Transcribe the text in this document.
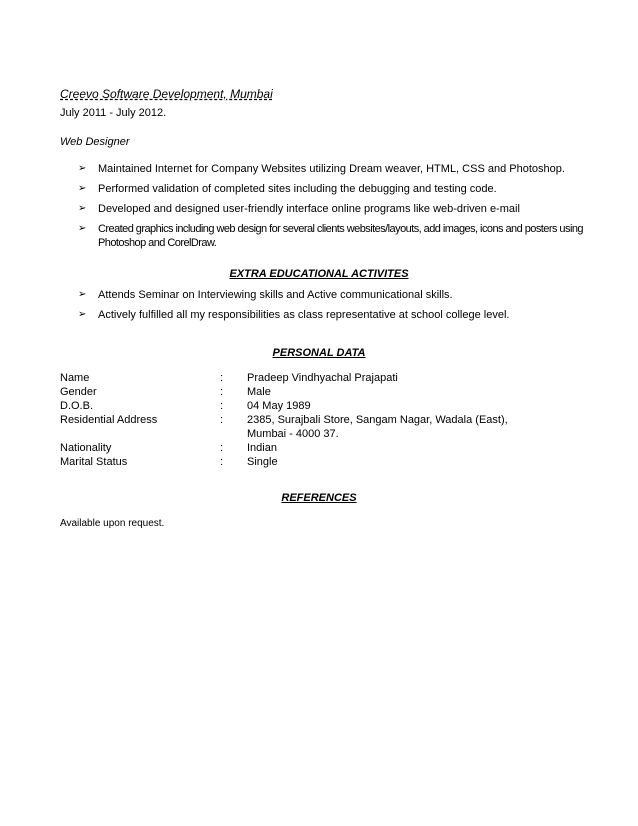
Creevo Software Development, Mumbai
July 2011 - July 2012.
Web Designer
➢ Maintained Internet for Company Websites utilizing Dream weaver, HTML, CSS and Photoshop.
➢ Performed validation of completed sites including the debugging and testing code.
➢ Developed and designed user-friendly interface online programs like web-driven e-mail
➢ Created graphics including web design for several clients websites/layouts, add images, icons and posters using Photoshop and CorelDraw.
EXTRA EDUCATIONAL ACTIVITES
➢ Attends Seminar on Interviewing skills and Active communicational skills.
➢ Actively fulfilled all my responsibilities as class representative at school college level.
PERSONAL DATA
Name	:	Pradeep Vindhyachal Prajapati
Gender	:	Male
D.O.B.	:	04 May 1989
Residential Address	:	2385, Surajbali Store, Sangam Nagar, Wadala (East),
Mumbai - 4000 37.

Nationality	:	Indian
Marital Status	:	Single
REFERENCES
Available upon request.
